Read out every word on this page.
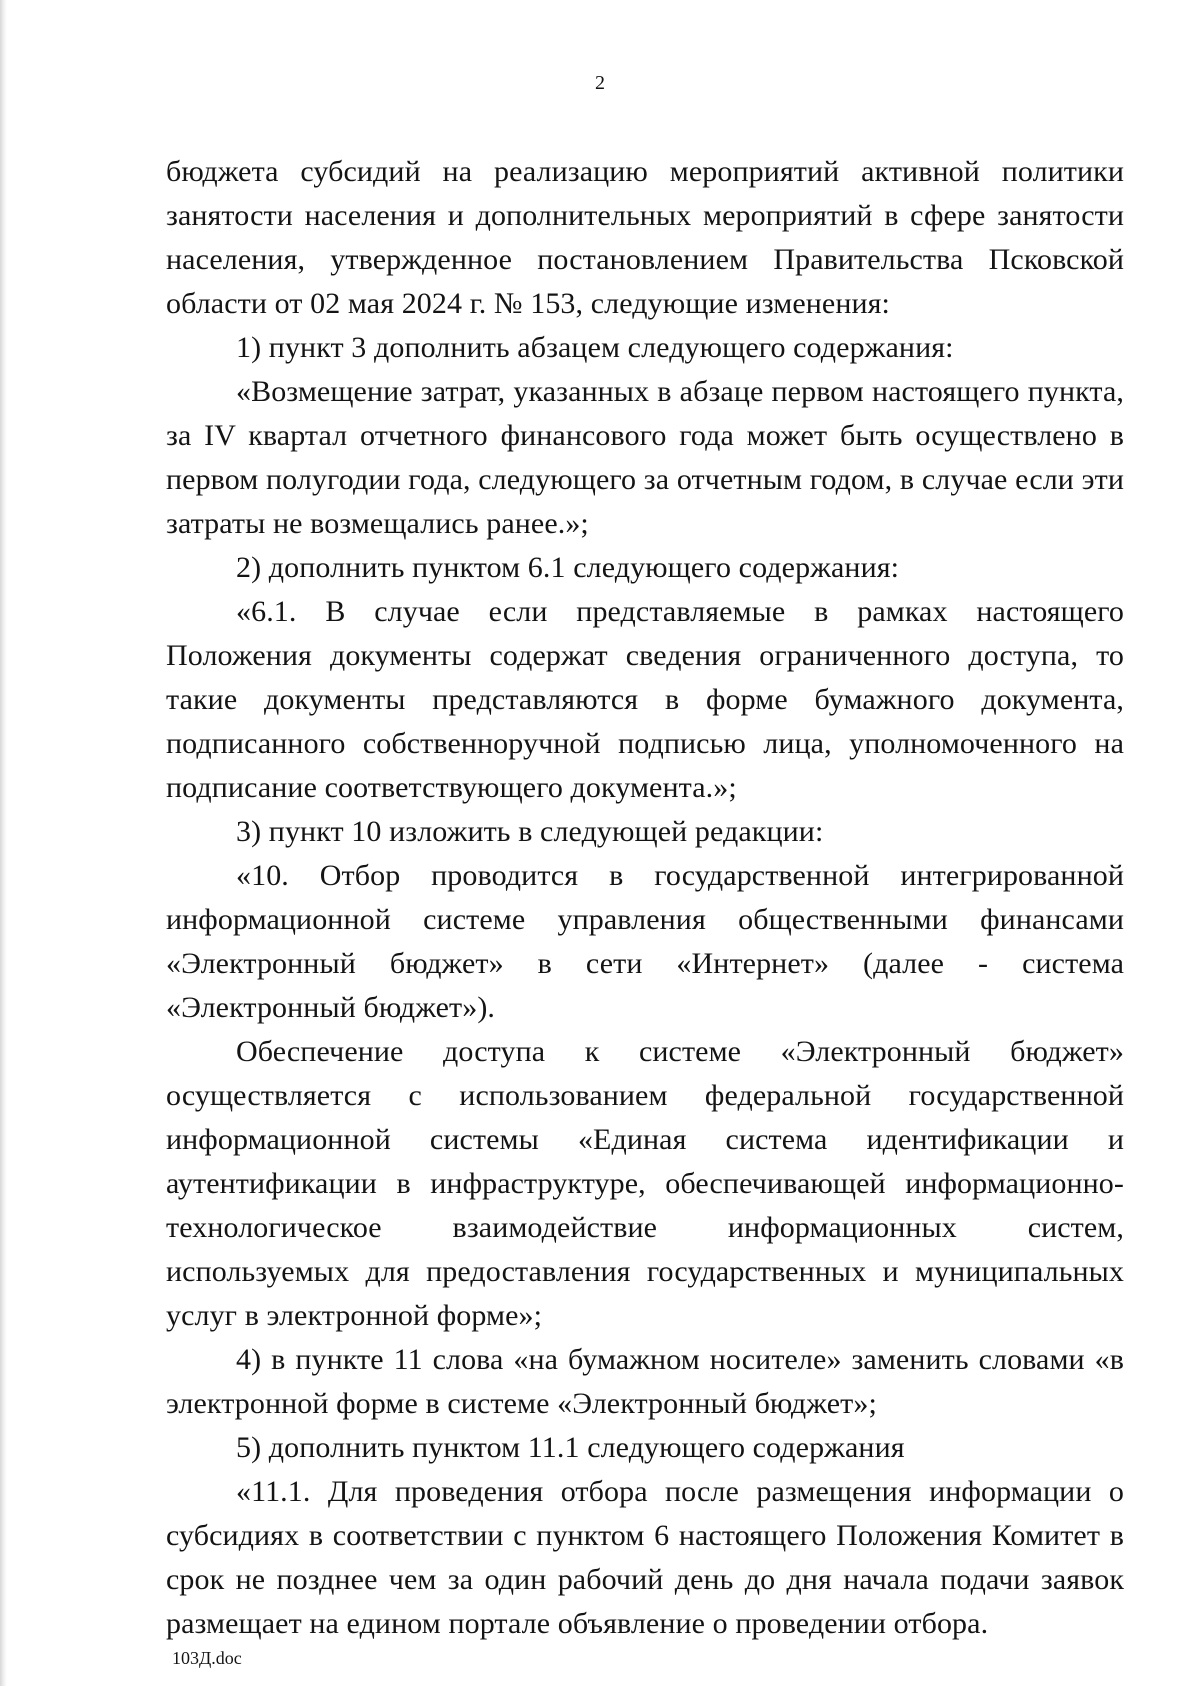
2

бюджета субсидий на реализацию мероприятий активной политики занятости населения и дополнительных мероприятий в сфере занятости населения, утвержденное постановлением Правительства Псковской области от 02 мая 2024 г. № 153, следующие изменения:

1) пункт 3 дополнить абзацем следующего содержания:

«Возмещение затрат, указанных в абзаце первом настоящего пункта, за IV квартал отчетного финансового года может быть осуществлено в первом полугодии года, следующего за отчетным годом, в случае если эти затраты не возмещались ранее.»;

2) дополнить пунктом 6.1 следующего содержания:

«6.1. В случае если представляемые в рамках настоящего Положения документы содержат сведения ограниченного доступа, то такие документы представляются в форме бумажного документа, подписанного собственноручной подписью лица, уполномоченного на подписание соответствующего документа.»;

3) пункт 10 изложить в следующей редакции:

«10. Отбор проводится в государственной интегрированной информационной системе управления общественными финансами «Электронный бюджет» в сети «Интернет» (далее - система «Электронный бюджет»).

Обеспечение доступа к системе «Электронный бюджет» осуществляется с использованием федеральной государственной информационной системы «Единая система идентификации и аутентификации в инфраструктуре, обеспечивающей информационно-технологическое взаимодействие информационных систем, используемых для предоставления государственных и муниципальных услуг в электронной форме»;

4) в пункте 11 слова «на бумажном носителе» заменить словами «в электронной форме в системе «Электронный бюджет»;

5) дополнить пунктом 11.1 следующего содержания

«11.1. Для проведения отбора после размещения информации о субсидиях в соответствии с пунктом 6 настоящего Положения Комитет в срок не позднее чем за один рабочий день до дня начала подачи заявок размещает на едином портале объявление о проведении отбора.

103Д.doc
